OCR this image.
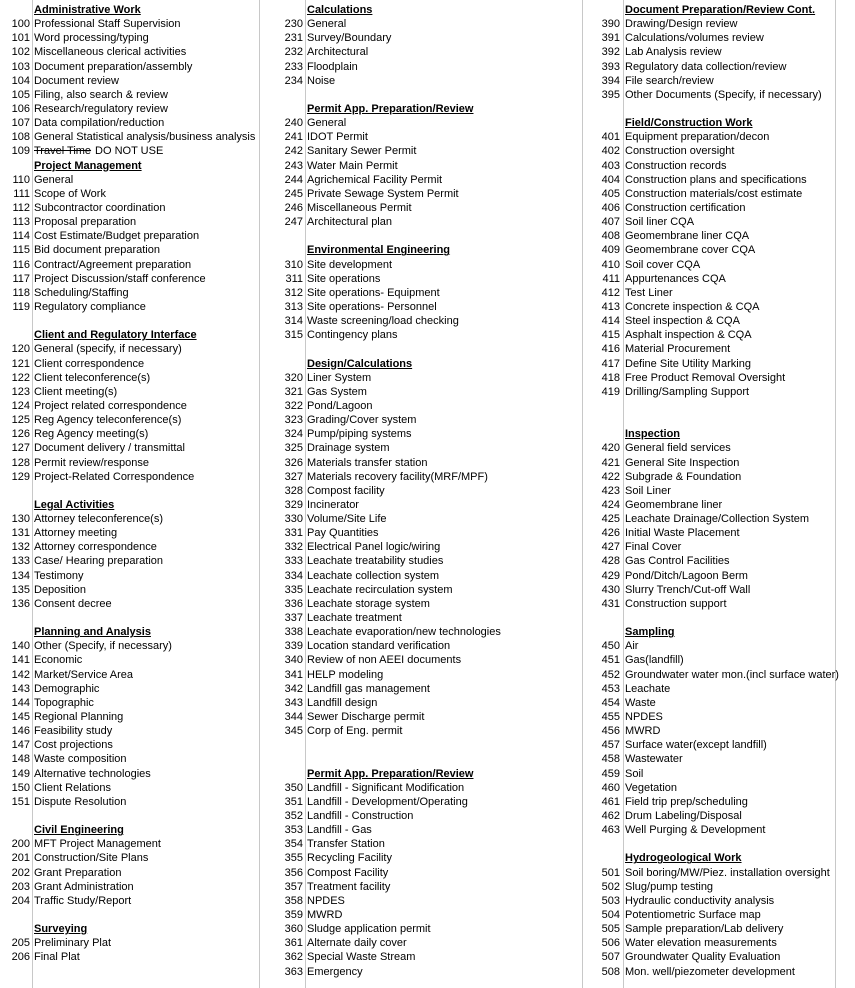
Administrative Work
100 Professional Staff Supervision
101 Word processing/typing
102 Miscellaneous clerical activities
103 Document preparation/assembly
104 Document review
105 Filing, also search & review
106 Research/regulatory review
107 Data compilation/reduction
108 General Statistical analysis/business analysis
109 Travel Time DO NOT USE
Project Management
110 General
111 Scope of Work
112 Subcontractor coordination
113 Proposal preparation
114 Cost Estimate/Budget preparation
115 Bid document preparation
116 Contract/Agreement preparation
117 Project Discussion/staff conference
118 Scheduling/Staffing
119 Regulatory compliance
Client and Regulatory Interface
120 General (specify, if necessary)
121 Client correspondence
122 Client teleconference(s)
123 Client meeting(s)
124 Project related correspondence
125 Reg Agency teleconference(s)
126 Reg Agency meeting(s)
127 Document delivery / transmittal
128 Permit review/response
129 Project-Related Correspondence
Legal Activities
130 Attorney teleconference(s)
131 Attorney meeting
132 Attorney correspondence
133 Case/ Hearing preparation
134 Testimony
135 Deposition
136 Consent decree
Planning and Analysis
140 Other (Specify, if necessary)
141 Economic
142 Market/Service Area
143 Demographic
144 Topographic
145 Regional Planning
146 Feasibility study
147 Cost projections
148 Waste composition
149 Alternative technologies
150 Client Relations
151 Dispute Resolution
Civil Engineering
200 MFT Project Management
201 Construction/Site Plans
202 Grant Preparation
203 Grant Administration
204 Traffic Study/Report
Surveying
205 Preliminary Plat
206 Final Plat
Calculations
230 General
231 Survey/Boundary
232 Architectural
233 Floodplain
234 Noise
Permit App. Preparation/Review
240 General
241 IDOT Permit
242 Sanitary Sewer Permit
243 Water Main Permit
244 Agrichemical Facility Permit
245 Private Sewage System Permit
246 Miscellaneous Permit
247 Architectural plan
Environmental Engineering
310 Site development
311 Site operations
312 Site operations- Equipment
313 Site operations- Personnel
314 Waste screening/load checking
315 Contingency plans
Design/Calculations
320 Liner System
321 Gas System
322 Pond/Lagoon
323 Grading/Cover system
324 Pump/piping systems
325 Drainage system
326 Materials transfer station
327 Materials recovery facility(MRF/MPF)
328 Compost facility
329 Incinerator
330 Volume/Site Life
331 Pay Quantities
332 Electrical Panel logic/wiring
333 Leachate treatability studies
334 Leachate collection system
335 Leachate recirculation system
336 Leachate storage system
337 Leachate treatment
338 Leachate evaporation/new technologies
339 Location standard verification
340 Review of non AEEI documents
341 HELP modeling
342 Landfill gas management
343 Landfill design
344 Sewer Discharge permit
345 Corp of Eng. permit
Permit App. Preparation/Review
350 Landfill - Significant Modification
351 Landfill - Development/Operating
352 Landfill - Construction
353 Landfill - Gas
354 Transfer Station
355 Recycling Facility
356 Compost Facility
357 Treatment facility
358 NPDES
359 MWRD
360 Sludge application permit
361 Alternate daily cover
362 Special Waste Stream
363 Emergency
Document Preparation/Review Cont.
390 Drawing/Design review
391 Calculations/volumes review
392 Lab Analysis review
393 Regulatory data collection/review
394 File search/review
395 Other Documents (Specify, if necessary)
Field/Construction Work
401 Equipment preparation/decon
402 Construction oversight
403 Construction records
404 Construction plans and specifications
405 Construction materials/cost estimate
406 Construction certification
407 Soil liner CQA
408 Geomembrane liner CQA
409 Geomembrane cover CQA
410 Soil cover CQA
411 Appurtenances CQA
412 Test Liner
413 Concrete inspection & CQA
414 Steel inspection & CQA
415 Asphalt inspection & CQA
416 Material Procurement
417 Define Site Utility Marking
418 Free Product Removal Oversight
419 Drilling/Sampling Support
Inspection
420 General field services
421 General Site Inspection
422 Subgrade & Foundation
423 Soil Liner
424 Geomembrane liner
425 Leachate Drainage/Collection System
426 Initial Waste Placement
427 Final Cover
428 Gas Control Facilities
429 Pond/Ditch/Lagoon Berm
430 Slurry Trench/Cut-off Wall
431 Construction support
Sampling
450 Air
451 Gas(landfill)
452 Groundwater water mon.(incl surface water)
453 Leachate
454 Waste
455 NPDES
456 MWRD
457 Surface water(except landfill)
458 Wastewater
459 Soil
460 Vegetation
461 Field trip prep/scheduling
462 Drum Labeling/Disposal
463 Well Purging & Development
Hydrogeological Work
501 Soil boring/MW/Piez. installation oversight
502 Slug/pump testing
503 Hydraulic conductivity analysis
504 Potentiometric Surface map
505 Sample preparation/Lab delivery
506 Water elevation measurements
507 Groundwater Quality Evaluation
508 Mon. well/piezometer development
